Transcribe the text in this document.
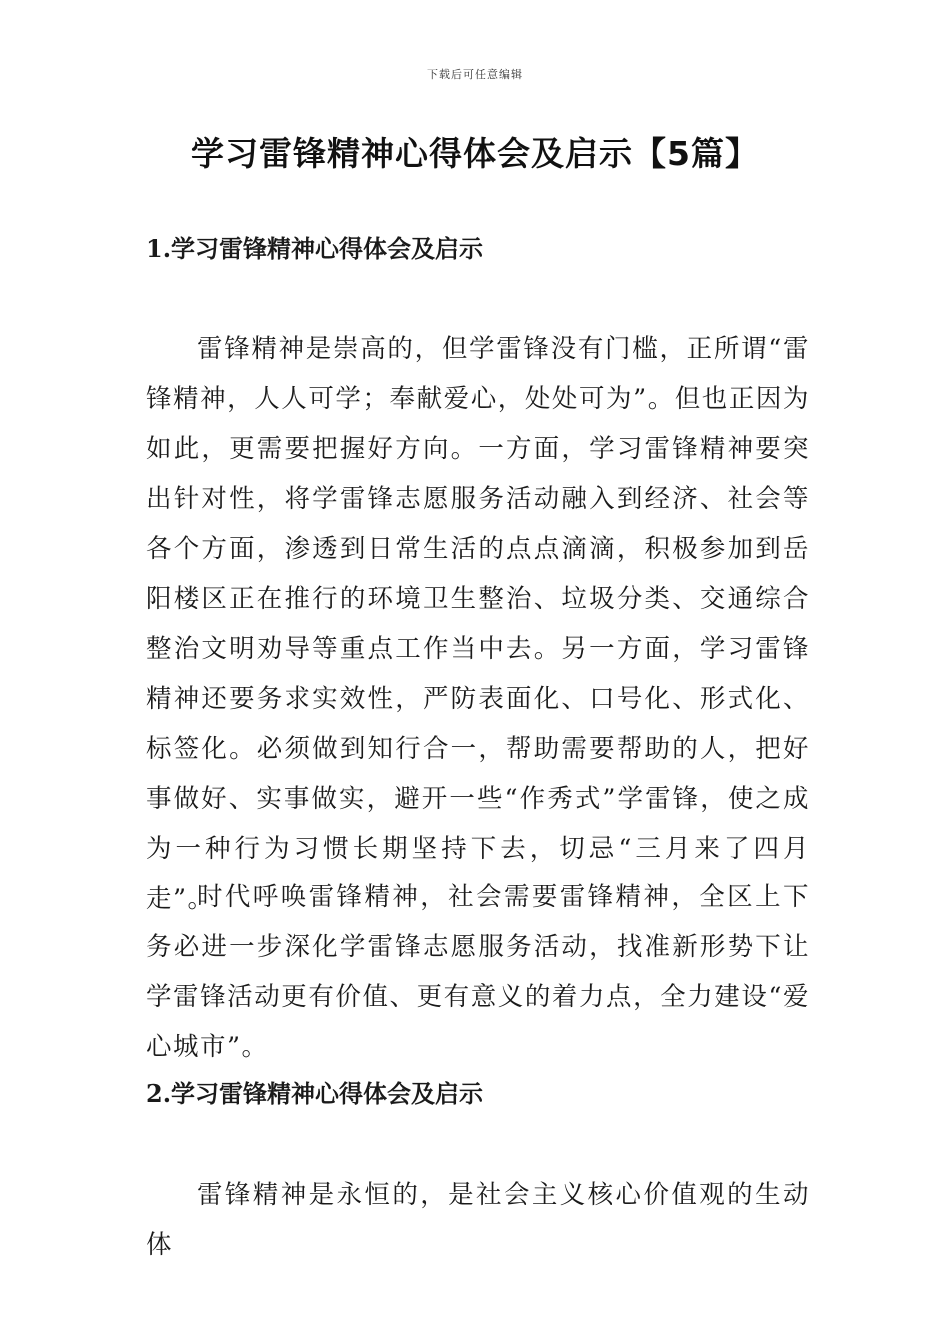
下载后可任意编辑
学习雷锋精神心得体会及启示【5篇】
1.学习雷锋精神心得体会及启示

雷锋精神是崇高的，但学雷锋没有门槛，正所谓“雷锋精神，人人可学；奉献爱心，处处可为”。但也正因为如此，更需要把握好方向。一方面，学习雷锋精神要突出针对性，将学雷锋志愿服务活动融入到经济、社会等各个方面，渗透到日常生活的点点滴滴，积极参加到岳阳楼区正在推行的环境卫生整治、垃圾分类、交通综合整治文明劝导等重点工作当中去。另一方面，学习雷锋精神还要务求实效性，严防表面化、口号化、形式化、标签化。必须做到知行合一，帮助需要帮助的人，把好事做好、实事做实，避开一些“作秀式”学雷锋，使之成为一种行为习惯长期坚持下去，切忌“三月来了四月走”。

时代呼唤雷锋精神，社会需要雷锋精神，全区上下务必进一步深化学雷锋志愿服务活动，找准新形势下让学雷锋活动更有价值、更有意义的着力点，全力建设“爱心城市”。

2.学习雷锋精神心得体会及启示

雷锋精神是永恒的，是社会主义核心价值观的生动体
